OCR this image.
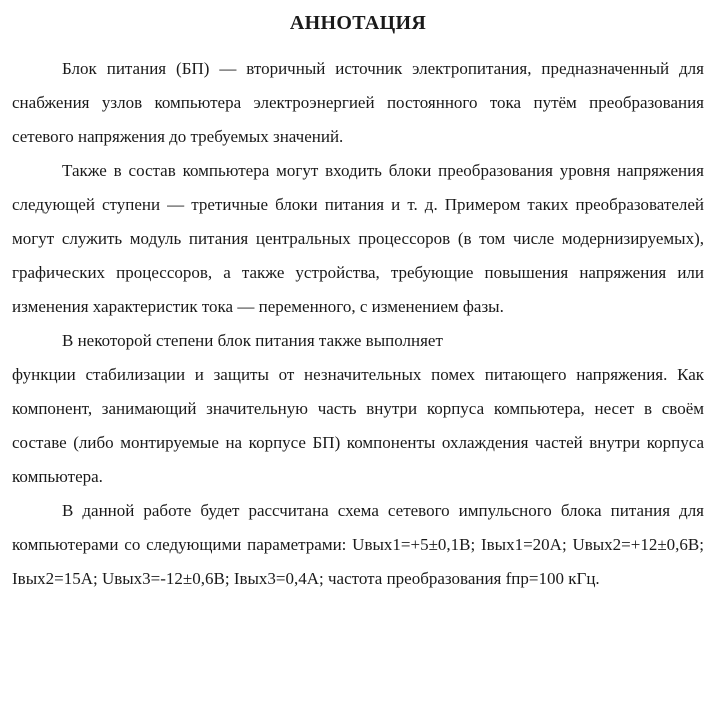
АННОТАЦИЯ

Блок питания (БП) — вторичный источник электропитания, предназначенный для снабжения узлов компьютера электроэнергией постоянного тока путём преобразования сетевого напряжения до требуемых значений.

Также в состав компьютера могут входить блоки преобразования уровня напряжения следующей ступени — третичные блоки питания и т. д. Примером таких преобразователей могут служить модуль питания центральных процессоров (в том числе модернизируемых), графических процессоров, а также устройства, требующие повышения напряжения или изменения характеристик тока — переменного, с изменением фазы.

В некоторой степени блок питания также выполняет
функции стабилизации и защиты от незначительных помех питающего напряжения. Как компонент, занимающий значительную часть внутри корпуса компьютера, несет в своём составе (либо монтируемые на корпусе БП) компоненты охлаждения частей внутри корпуса компьютера.

В данной работе будет рассчитана схема сетевого импульсного блока питания для компьютерами со следующими параметрами: Uвых1=+5±0,1В; Iвых1=20А; Uвых2=+12±0,6В; Iвых2=15А; Uвых3=-12±0,6В; Iвых3=0,4А; частота преобразования fпр=100 кГц.
